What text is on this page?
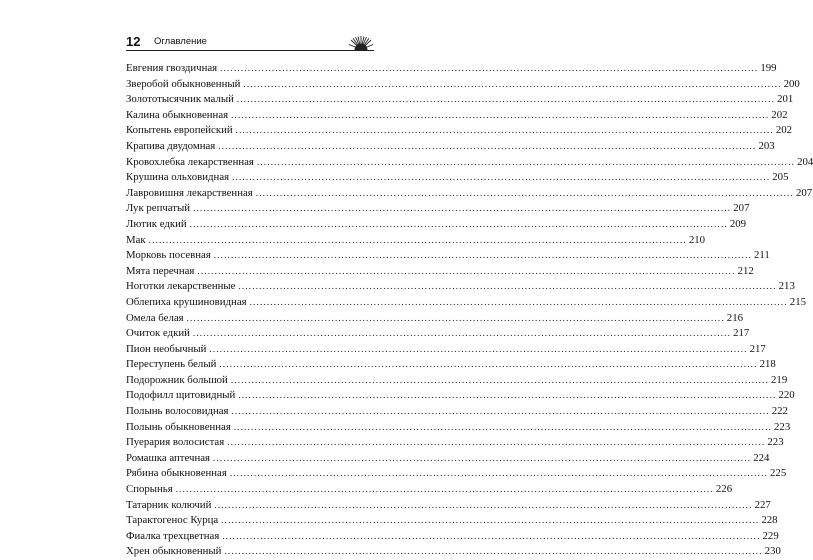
12 Оглавление
Евгения гвоздичная .....	199
Зверобой обыкновенный .....	200
Золототысячник малый .....	201
Калина обыкновенная .....	202
Копытень европейский .....	202
Крапива двудомная .....	203
Кровохлебка лекарственная .....	204
Крушина ольховидная .....	205
Лавровишня лекарственная .....	207
Лук репчатый .....	207
Лютик едкий .....	209
Мак .....	210
Морковь посевная .....	211
Мята перечная .....	212
Ноготки лекарственные .....	213
Облепиха крушиновидная .....	215
Омела белая .....	216
Очиток едкий .....	217
Пион необычный .....	217
Переступень белый .....	218
Подорожник большой .....	219
Подофилл щитовидный .....	220
Полынь волосовидная .....	222
Полынь обыкновенная .....	223
Пуерария волосистая .....	223
Ромашка аптечная .....	224
Рябина обыкновенная .....	225
Спорынья .....	226
Татарник колючий .....	227
Тарактогенос Курца .....	228
Фиалка трехцветная .....	229
Хрен обыкновенный .....	230
